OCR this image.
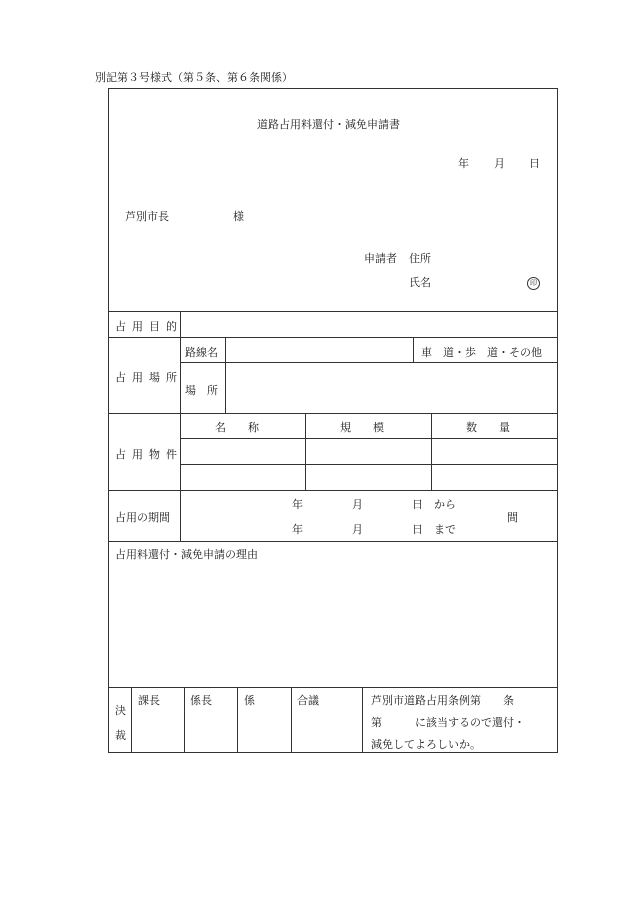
別記第３号様式（第５条、第６条関係）
道路占用料還付・減免申請書
年 月 日
芦別市長	様
申請者 住所
氏名	印
占用目的
占用場所
路線名	車　道・歩　道・その他
場　所
占用物件
名　　称	規　　模	数　　量
占用の期間
年	月	日 から
年	月	日 まで
間
占用料還付・減免申請の理由
決
裁
課長	係長	係	合議	芦別市道路占用条例第　　条
第　　　に該当するので還付・
減免してよろしいか。
